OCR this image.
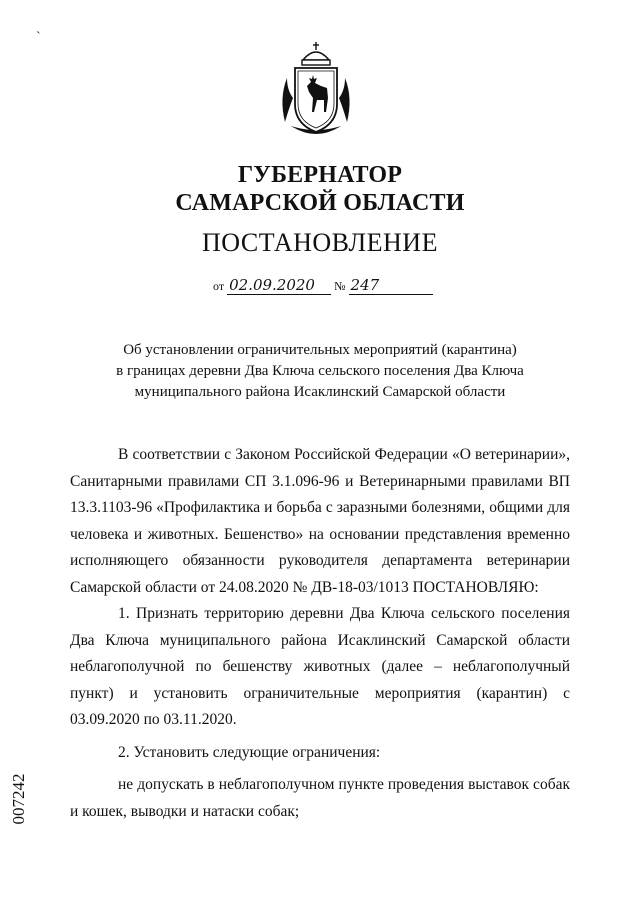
`
ГУБЕРНАТОР
САМАРСКОЙ ОБЛАСТИ
ПОСТАНОВЛЕНИЕ
от 02.09.2020 № 247
Об установлении ограничительных мероприятий (карантина)
в границах деревни Два Ключа сельского поселения Два Ключа
муниципального района Исаклинский Самарской области

В соответствии с Законом Российской Федерации «О ветеринарии», Санитарными правилами СП 3.1.096-96 и Ветеринарными правилами ВП 13.3.1103-96 «Профилактика и борьба с заразными болезнями, общими для человека и животных. Бешенство» на основании представления временно исполняющего обязанности руководителя департамента ветеринарии Самарской области от 24.08.2020 № ДВ-18-03/1013 ПОСТАНОВЛЯЮ:

1. Признать территорию деревни Два Ключа сельского поселения Два Ключа муниципального района Исаклинский Самарской области неблагополучной по бешенству животных (далее – неблагополучный пункт) и установить ограничительные мероприятия (карантин) с 03.09.2020 по 03.11.2020.

2. Установить следующие ограничения:

не допускать в неблагополучном пункте проведения выставок собак и кошек, выводки и натаски собак;

007242
